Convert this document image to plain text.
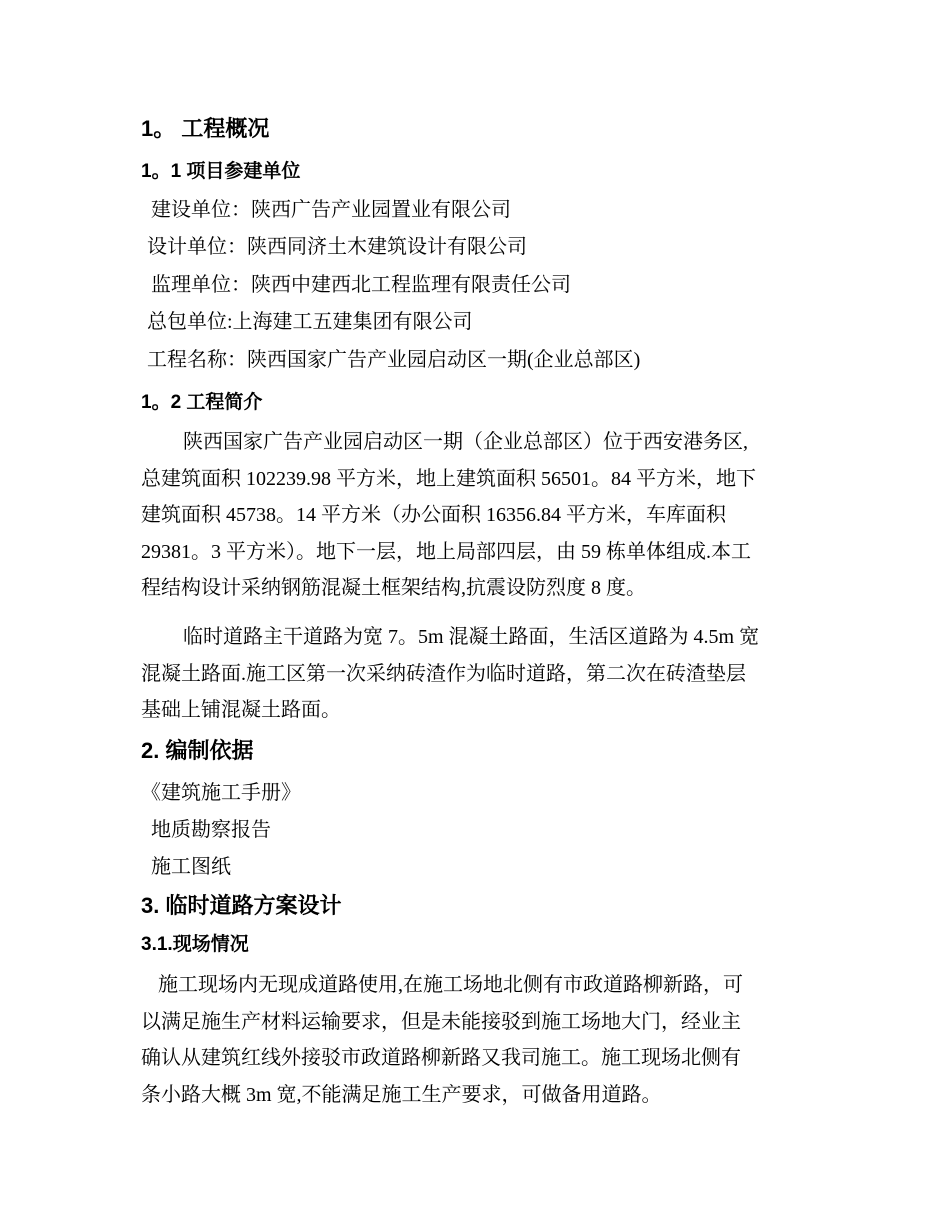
1。 工程概况
1。1 项目参建单位
建设单位：陕西广告产业园置业有限公司
设计单位：陕西同济土木建筑设计有限公司
监理单位：陕西中建西北工程监理有限责任公司
总包单位:上海建工五建集团有限公司
工程名称：陕西国家广告产业园启动区一期(企业总部区)
1。2 工程简介
陕西国家广告产业园启动区一期（企业总部区）位于西安港务区,
总建筑面积 102239.98 平方米，地上建筑面积 56501。84 平方米，地下
建筑面积 45738。14 平方米（办公面积 16356.84 平方米，车库面积
29381。3 平方米）。地下一层，地上局部四层，由 59 栋单体组成.本工
程结构设计采纳钢筋混凝土框架结构,抗震设防烈度 8 度。
临时道路主干道路为宽 7。5m 混凝土路面，生活区道路为 4.5m 宽
混凝土路面.施工区第一次采纳砖渣作为临时道路，第二次在砖渣垫层
基础上铺混凝土路面。
2. 编制依据
《建筑施工手册》
地质勘察报告
施工图纸
3. 临时道路方案设计
3.1.现场情况
施工现场内无现成道路使用,在施工场地北侧有市政道路柳新路，可
以满足施生产材料运输要求，但是未能接驳到施工场地大门，经业主
确认从建筑红线外接驳市政道路柳新路又我司施工。施工现场北侧有
条小路大概 3m 宽,不能满足施工生产要求，可做备用道路。
